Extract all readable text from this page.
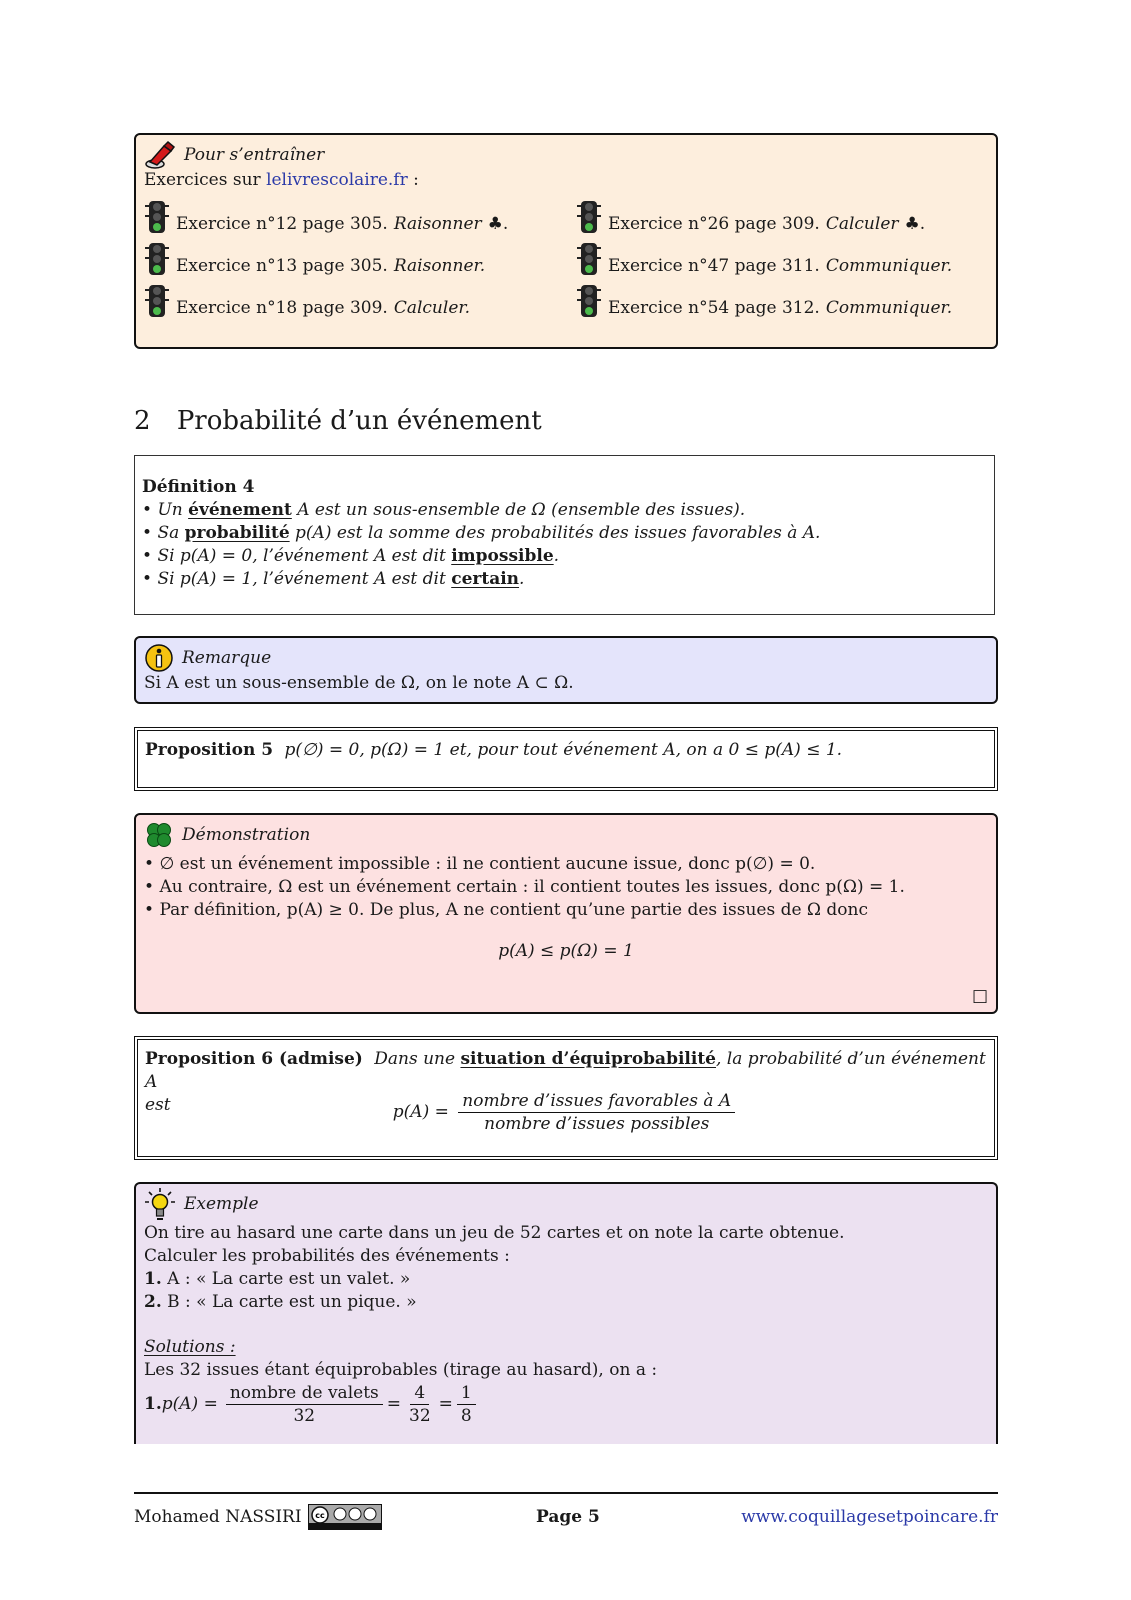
Pour s’entraîner
Exercices sur lelivrescolaire.fr :
Exercice n°12 page 305. Raisonner ♣.	Exercice n°26 page 309. Calculer ♣.
Exercice n°13 page 305. Raisonner.	Exercice n°47 page 311. Communiquer.
Exercice n°18 page 309. Calculer.	Exercice n°54 page 312. Communiquer.
2 Probabilité d’un événement
Définition 4
• Un événement A est un sous-ensemble de Ω (ensemble des issues).
• Sa probabilité p(A) est la somme des probabilités des issues favorables à A.
• Si p(A) = 0, l’événement A est dit impossible.
• Si p(A) = 1, l’événement A est dit certain.
Remarque
Si A est un sous-ensemble de Ω, on le note A ⊂ Ω.
Proposition 5 p(∅) = 0, p(Ω) = 1 et, pour tout événement A, on a 0 ≤ p(A) ≤ 1.
Démonstration
• ∅ est un événement impossible : il ne contient aucune issue, donc p(∅) = 0.
• Au contraire, Ω est un événement certain : il contient toutes les issues, donc p(Ω) = 1.
• Par définition, p(A) ≥ 0. De plus, A ne contient qu’une partie des issues de Ω donc
p(A) ≤ p(Ω) = 1
□
Proposition 6 (admise) Dans une situation d’équiprobabilité, la probabilité d’un événement A
est	$p(A) = \frac{\text{nombre d’issues favorables à A}}{\text{nombre d’issues possibles}}$
Exemple
On tire au hasard une carte dans un jeu de 52 cartes et on note la carte obtenue.
Calculer les probabilités des événements :
1. A : « La carte est un valet. »
2. B : « La carte est un pique. »
Solutions :
Les 32 issues étant équiprobables (tirage au hasard), on a :
1. $p(A) = \frac{\text{nombre de valets}}{32} = \frac{4}{32} = \frac{1}{8}$
Mohamed NASSIRI cc	Page 5	www.coquillagesetpoincare.fr
